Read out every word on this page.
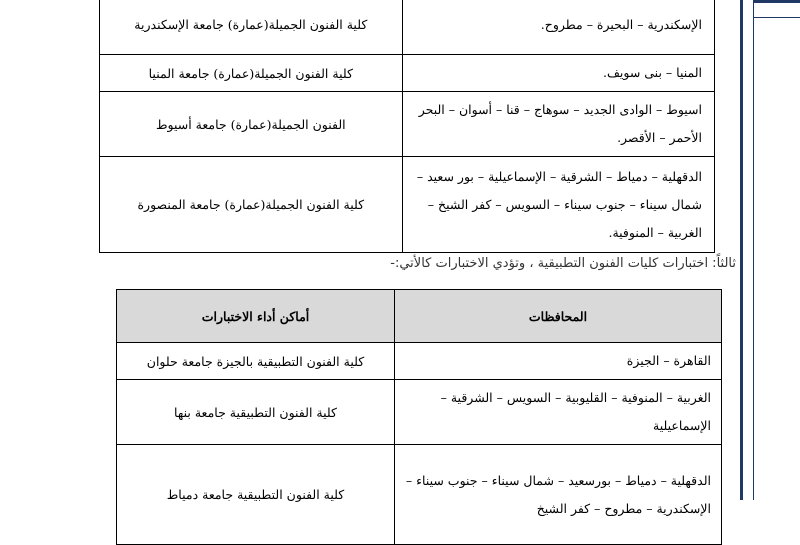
الإسكندرية – البحيرة – مطروح.	كلية الفنون الجميلة(عمارة) جامعة الإسكندرية
المنيا – بنى سويف.	كلية الفنون الجميلة(عمارة) جامعة المنيا
اسيوط – الوادى الجديد – سوهاج – قنا – أسوان – البحر الأحمر – الأقصر.	الفنون الجميلة(عمارة) جامعة أسيوط
الدقهلية – دمياط – الشرقية – الإسماعيلية – بور سعيد – شمال سيناء – جنوب سيناء – السويس – كفر الشيخ – الغربية – المنوفية.	كلية الفنون الجميلة(عمارة) جامعة المنصورة
ثالثاً: اختبارات كليات الفنون التطبيقية ، وتؤدي الاختبارات كالأتي:-
المحافظات	أماكن أداء الاختبارات
القاهرة – الجيزة	كلية الفنون التطبيقية بالجيزة جامعة حلوان
الغربية – المنوفية – القليوبية – السويس – الشرقية – الإسماعيلية	كلية الفنون التطبيقية جامعة بنها
الدقهلية – دمياط – بورسعيد – شمال سيناء – جنوب سيناء – الإسكندرية – مطروح – كفر الشيخ	كلية الفنون التطبيقية جامعة دمياط
